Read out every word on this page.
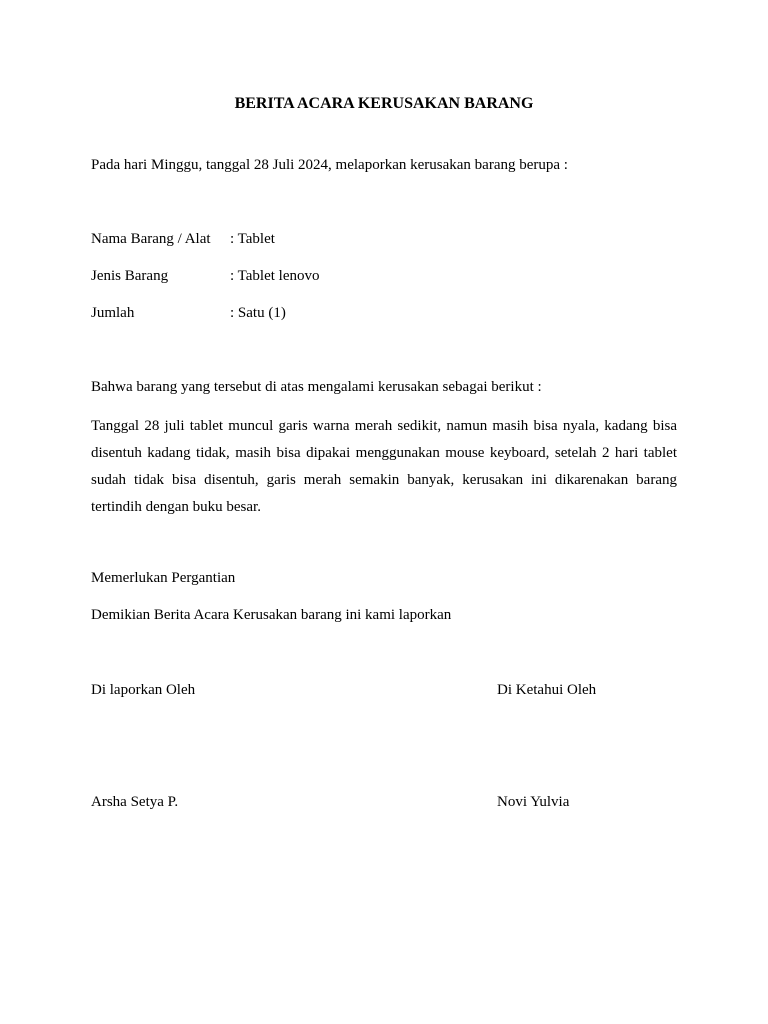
BERITA ACARA KERUSAKAN BARANG
Pada hari Minggu, tanggal 28 Juli 2024, melaporkan kerusakan barang berupa :
Nama Barang / Alat : Tablet
Jenis Barang	: Tablet lenovo
Jumlah	: Satu (1)
Bahwa barang yang tersebut di atas mengalami kerusakan sebagai berikut :
Tanggal 28 juli tablet muncul garis warna merah sedikit, namun masih bisa nyala, kadang bisa disentuh kadang tidak, masih bisa dipakai menggunakan mouse keyboard, setelah 2 hari tablet sudah tidak bisa disentuh, garis merah semakin banyak, kerusakan ini dikarenakan barang tertindih dengan buku besar.
Memerlukan Pergantian
Demikian Berita Acara Kerusakan barang ini kami laporkan
Di laporkan Oleh	Di Ketahui Oleh
Arsha Setya P.	Novi Yulvia
